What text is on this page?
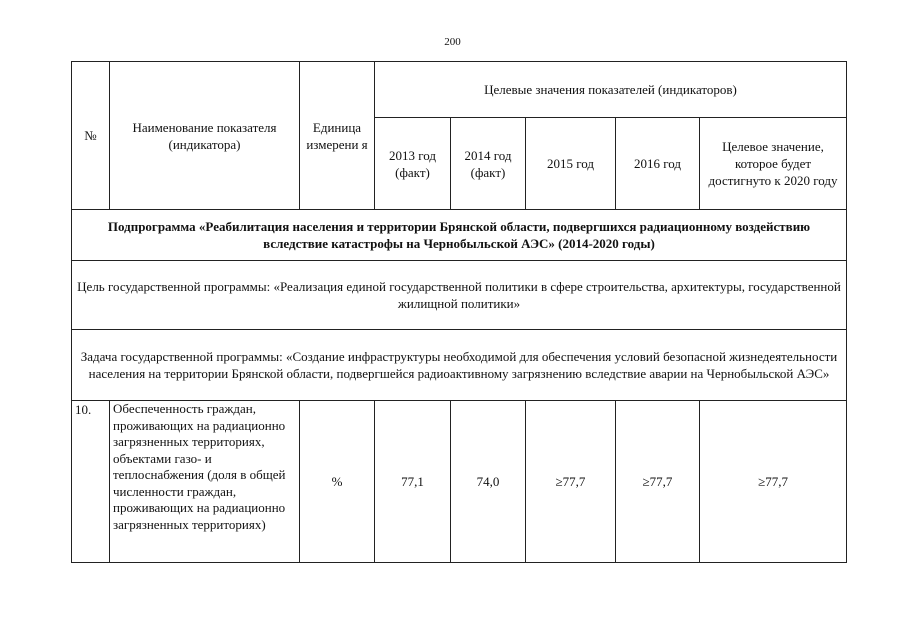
200
№	Наименование показателя (индикатора)	Единица измерени я	Целевые значения показателей (индикаторов)				
			2013 год (факт)	2014 год (факт)	2015 год	2016 год	Целевое значение, которое будет достигнуто к 2020 году
Подпрограмма «Реабилитация населения и территории Брянской области, подвергшихся радиационному воздействию вследствие катастрофы на Чернобыльской АЭС» (2014-2020 годы)							
Цель государственной программы: «Реализация единой государственной политики в сфере строительства, архитектуры, государственной жилищной политики»							
Задача государственной программы: «Создание инфраструктуры необходимой для обеспечения условий безопасной жизнедеятельности населения на территории Брянской области, подвергшейся радиоактивному загрязнению вследствие аварии на Чернобыльской АЭС»							
10.	Обеспеченность граждан, проживающих на радиационно загрязненных территориях, объектами газо- и теплоснабжения (доля в общей численности граждан, проживающих на радиационно загрязненных территориях)	%	77,1	74,0	≥77,7	≥77,7	≥77,7
